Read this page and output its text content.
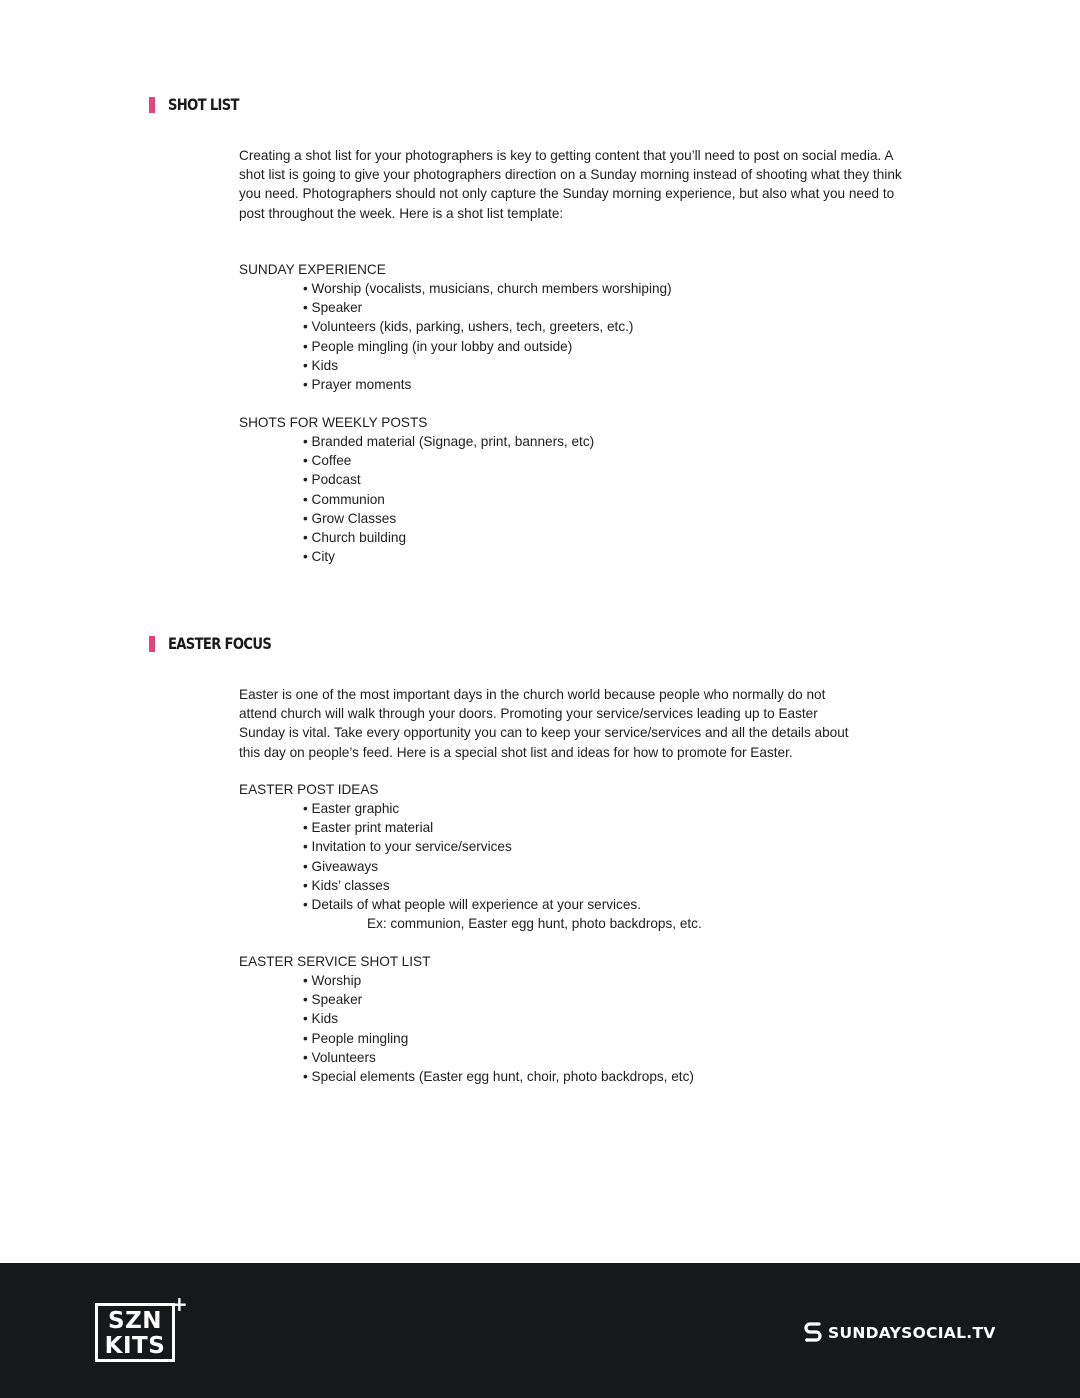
SHOT LIST

Creating a shot list for your photographers is key to getting content that you’ll need to post on social media. A shot list is going to give your photographers direction on a Sunday morning instead of shooting what they think you need. Photographers should not only capture the Sunday morning experience, but also what you need to post throughout the week. Here is a shot list template:

SUNDAY EXPERIENCE

• Worship (vocalists, musicians, church members worshiping)
• Speaker
• Volunteers (kids, parking, ushers, tech, greeters, etc.)
• People mingling (in your lobby and outside)
• Kids
• Prayer moments

SHOTS FOR WEEKLY POSTS

• Branded material (Signage, print, banners, etc)
• Coffee
• Podcast
• Communion
• Grow Classes
• Church building
• City
EASTER FOCUS

Easter is one of the most important days in the church world because people who normally do not attend church will walk through your doors. Promoting your service/services leading up to Easter Sunday is vital. Take every opportunity you can to keep your service/services and all the details about this day on people’s feed. Here is a special shot list and ideas for how to promote for Easter.

EASTER POST IDEAS

• Easter graphic
• Easter print material
• Invitation to your service/services
• Giveaways
• Kids’ classes
• Details of what people will experience at your services.

Ex: communion, Easter egg hunt, photo backdrops, etc.

EASTER SERVICE SHOT LIST

• Worship
• Speaker
• Kids
• People mingling
• Volunteers
• Special elements (Easter egg hunt, choir, photo backdrops, etc)
SZN
KITS
+
SUNDAYSOCIAL.TV
